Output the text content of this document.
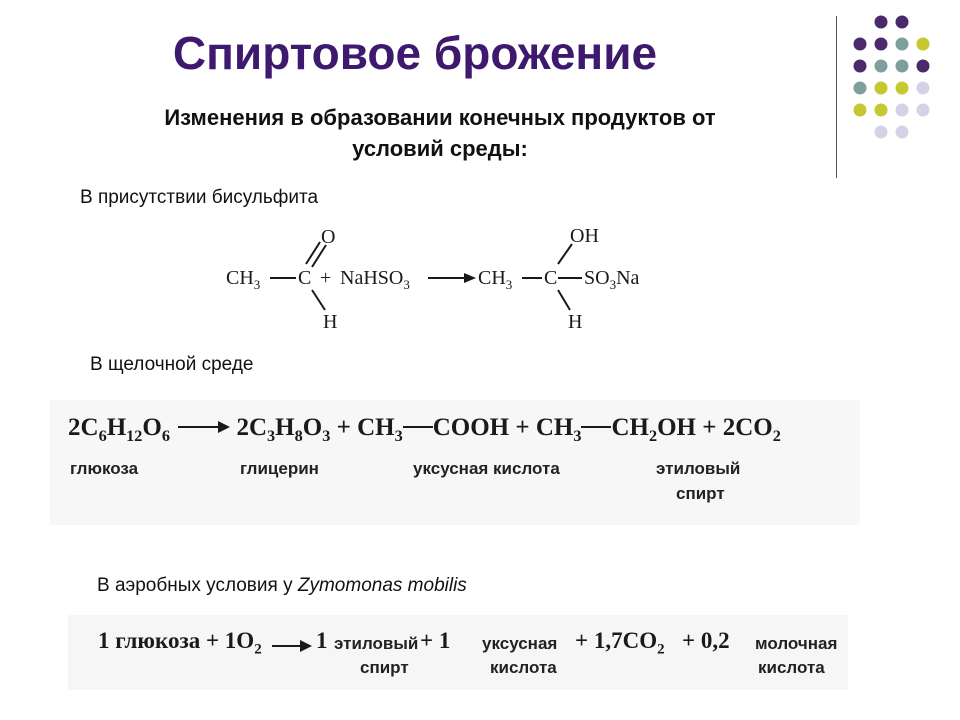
Спиртовое брожение
Изменения в образовании конечных продуктов от
условий среды:
В присутствии бисульфита
$CH_3$ C
O
H
+ NaHSO$_3$	$CH_3$ C
OH
$SO_3Na$
H
В щелочной среде
$2C_6H_{12}O_6$	$2C_3H_8O_3 + CH_3$ COOH + $CH_3$ $CH_2OH + 2CO_2$
глюкоза	глицерин	уксусная кислота	этиловый
спирт
В аэробных условия у Zymomonas mobilis
1 глюкоза + $1O_2$ 1 этиловый
спирт
+ 1 уксусная
кислота
+ $1,7CO_2 + 0,2$ молочная
кислота
